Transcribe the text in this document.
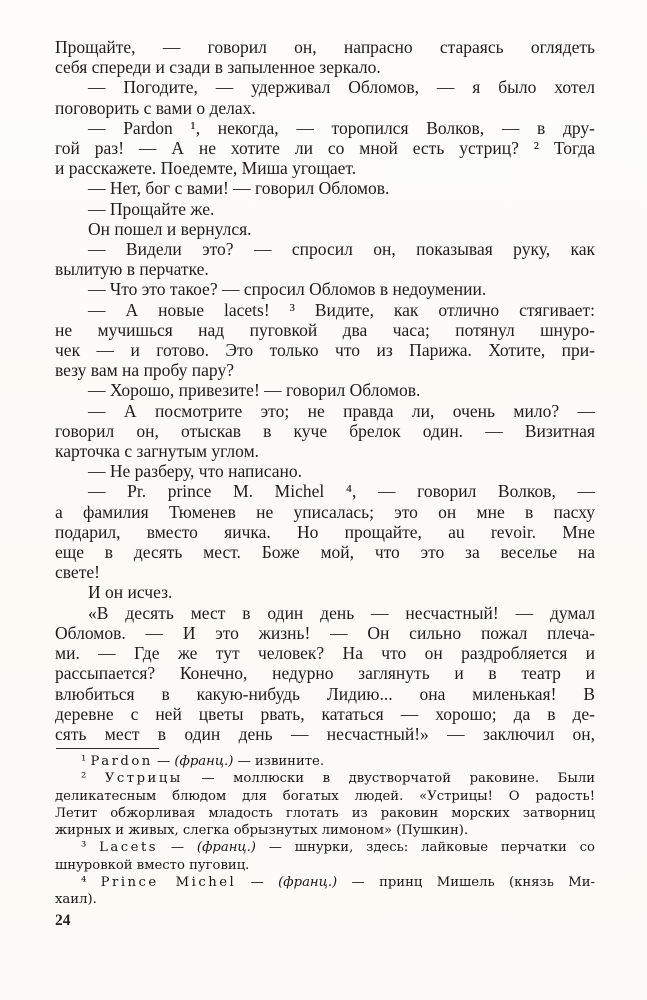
Прощайте, — говорил он, напрасно стараясь оглядеть
себя спереди и сзади в запыленное зеркало.
— Погодите, — удерживал Обломов, — я было хотел
поговорить с вами о делах.
— Pardon ¹, некогда, — торопился Волков, — в дру-
гой раз! — А не хотите ли со мной есть устриц? ² Тогда
и расскажете. Поедемте, Миша угощает.
— Нет, бог с вами! — говорил Обломов.
— Прощайте же.
Он пошел и вернулся.
— Видели это? — спросил он, показывая руку, как
вылитую в перчатке.
— Что это такое? — спросил Обломов в недоумении.
— А новые lacets! ³ Видите, как отлично стягивает:
не мучишься над пуговкой два часа; потянул шнуро-
чек — и готово. Это только что из Парижа. Хотите, при-
везу вам на пробу пару?
— Хорошо, привезите! — говорил Обломов.
— А посмотрите это; не правда ли, очень мило? —
говорил он, отыскав в куче брелок один. — Визитная
карточка с загнутым углом.
— Не разберу, что написано.
— Pr. prince М. Michel ⁴, — говорил Волков, —
а фамилия Тюменев не уписалась; это он мне в пасху
подарил, вместо яичка. Но прощайте, au revoir. Мне
еще в десять мест. Боже мой, что это за веселье на
свете!
И он исчез.
«В десять мест в один день — несчастный! — думал
Обломов. — И это жизнь! — Он сильно пожал плеча-
ми. — Где же тут человек? На что он раздробляется и
рассыпается? Конечно, недурно заглянуть и в театр и
влюбиться в какую-нибудь Лидию... она миленькая! В
деревне с ней цветы рвать, кататься — хорошо; да в де-
сять мест в один день — несчастный!» — заключил он,
¹ Pardon — (франц.) — извините.
² Устрицы — моллюски в двустворчатой раковине. Были
деликатесным блюдом для богатых людей. «Устрицы! О радость!
Летит обжорливая младость глотать из раковин морских затворниц
жирных и живых, слегка обрызнутых лимоном» (Пушкин).
³ Lacets — (франц.) — шнурки, здесь: лайковые перчатки со
шнуровкой вместо пуговиц.
⁴ Prince Michel — (франц.) — принц Мишель (князь Ми-
хаил).
24
